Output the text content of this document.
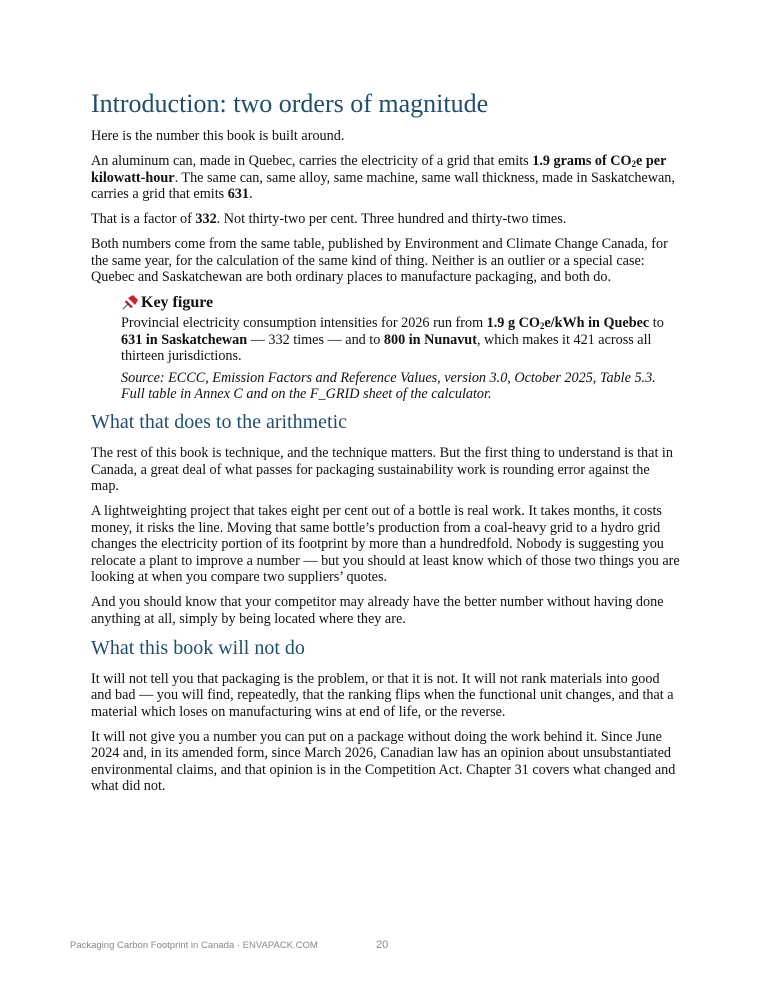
Introduction: two orders of magnitude

Here is the number this book is built around.

An aluminum can, made in Quebec, carries the electricity of a grid that emits 1.9 grams of $CO_2e$ per kilowatt-hour. The same can, same alloy, same machine, same wall thickness, made in Saskatchewan, carries a grid that emits 631.

That is a factor of 332. Not thirty-two per cent. Three hundred and thirty-two times.

Both numbers come from the same table, published by Environment and Climate Change Canada, for the same year, for the calculation of the same kind of thing. Neither is an outlier or a special case: Quebec and Saskatchewan are both ordinary places to manufacture packaging, and both do.

Key figure

Provincial electricity consumption intensities for 2026 run from 1.9 g $CO_2e$/kWh in Quebec to 631 in Saskatchewan — 332 times — and to 800 in Nunavut, which makes it 421 across all thirteen jurisdictions.

Source: ECCC, Emission Factors and Reference Values, version 3.0, October 2025, Table 5.3. Full table in Annex C and on the F_GRID sheet of the calculator.

What that does to the arithmetic

The rest of this book is technique, and the technique matters. But the first thing to understand is that in Canada, a great deal of what passes for packaging sustainability work is rounding error against the map.

A lightweighting project that takes eight per cent out of a bottle is real work. It takes months, it costs money, it risks the line. Moving that same bottle’s production from a coal-heavy grid to a hydro grid changes the electricity portion of its footprint by more than a hundredfold. Nobody is suggesting you relocate a plant to improve a number — but you should at least know which of those two things you are looking at when you compare two suppliers’ quotes.

And you should know that your competitor may already have the better number without having done anything at all, simply by being located where they are.

What this book will not do

It will not tell you that packaging is the problem, or that it is not. It will not rank materials into good and bad — you will find, repeatedly, that the ranking flips when the functional unit changes, and that a material which loses on manufacturing wins at end of life, or the reverse.

It will not give you a number you can put on a package without doing the work behind it. Since June 2024 and, in its amended form, since March 2026, Canadian law has an opinion about unsubstantiated environmental claims, and that opinion is in the Competition Act. Chapter 31 covers what changed and what did not.

Packaging Carbon Footprint in Canada · ENVAPACK.COM	20
